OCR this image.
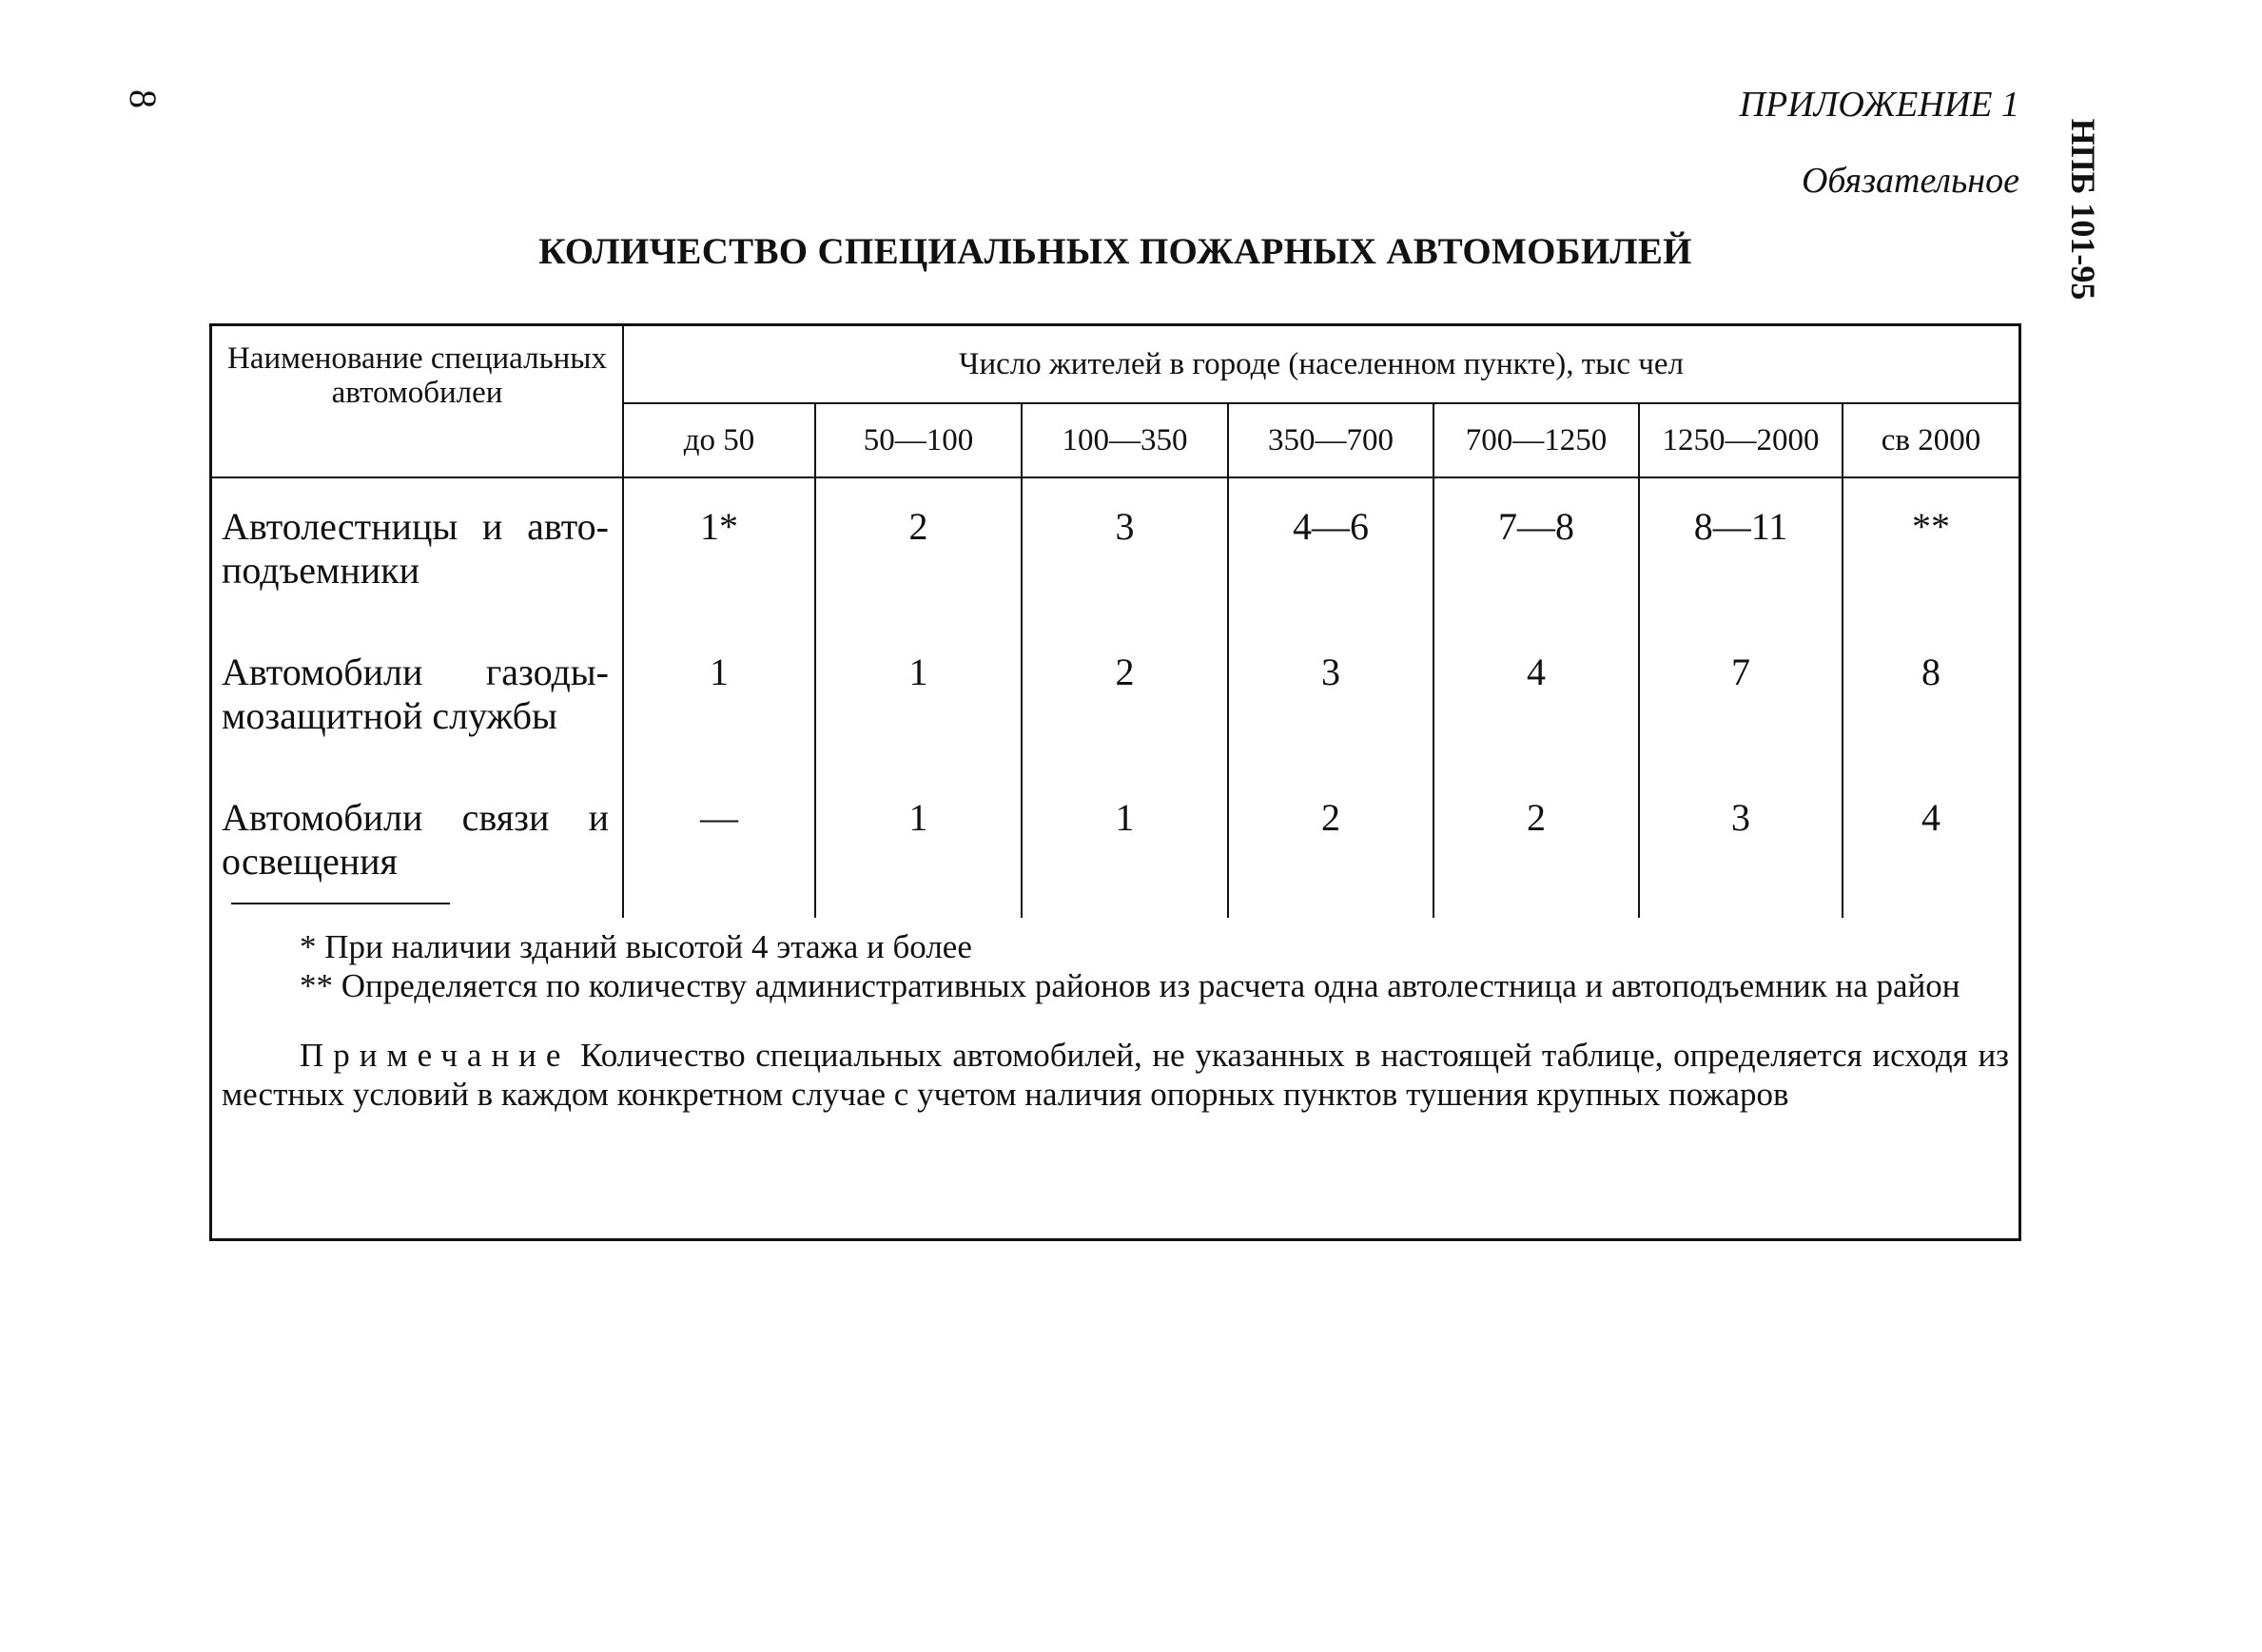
8
НПБ 101-95
ПРИЛОЖЕНИЕ 1
Обязательное
КОЛИЧЕСТВО СПЕЦИАЛЬНЫХ ПОЖАРНЫХ АВТОМОБИЛЕЙ
Наименование специальных автомобилеи	Число жителей в городе (населенном пункте), тыс чел						
	до 50	50—100	100—350	350—700	700—1250	1250—2000	св 2000
Автолестницы и авто-подъемники	1*	2	3	4—6	7—8	8—11	**
Автомобили газоды-мозащитной службы	1	1	2	3	4	7	8
Автомобили связи и освещения	—	1	1	2	2	3	4

* При наличии зданий высотой 4 этажа и более

** Определяется по количеству административных районов из расчета одна автолестница и автоподъемник на район

Примечание Количество специальных автомобилей, не указанных в настоящей таблице, определяется исходя из местных условий в каждом конкретном случае с учетом наличия опорных пунктов тушения крупных пожаров
